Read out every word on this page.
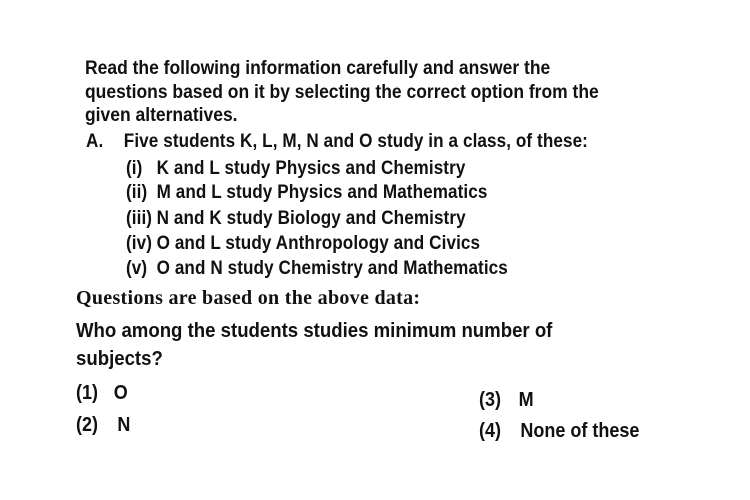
Read the following information carefully and answer the
questions based on it by selecting the correct option from the
given alternatives.
A. Five students K, L, M, N and O study in a class, of these:
(i) K and L study Physics and Chemistry
(ii) M and L study Physics and Mathematics
(iii) N and K study Biology and Chemistry
(iv) O and L study Anthropology and Civics
(v) O and N study Chemistry and Mathematics
Questions are based on the above data:
Who among the students studies minimum number of
subjects?
(1) O
(2) N
(3) M
(4) None of these
